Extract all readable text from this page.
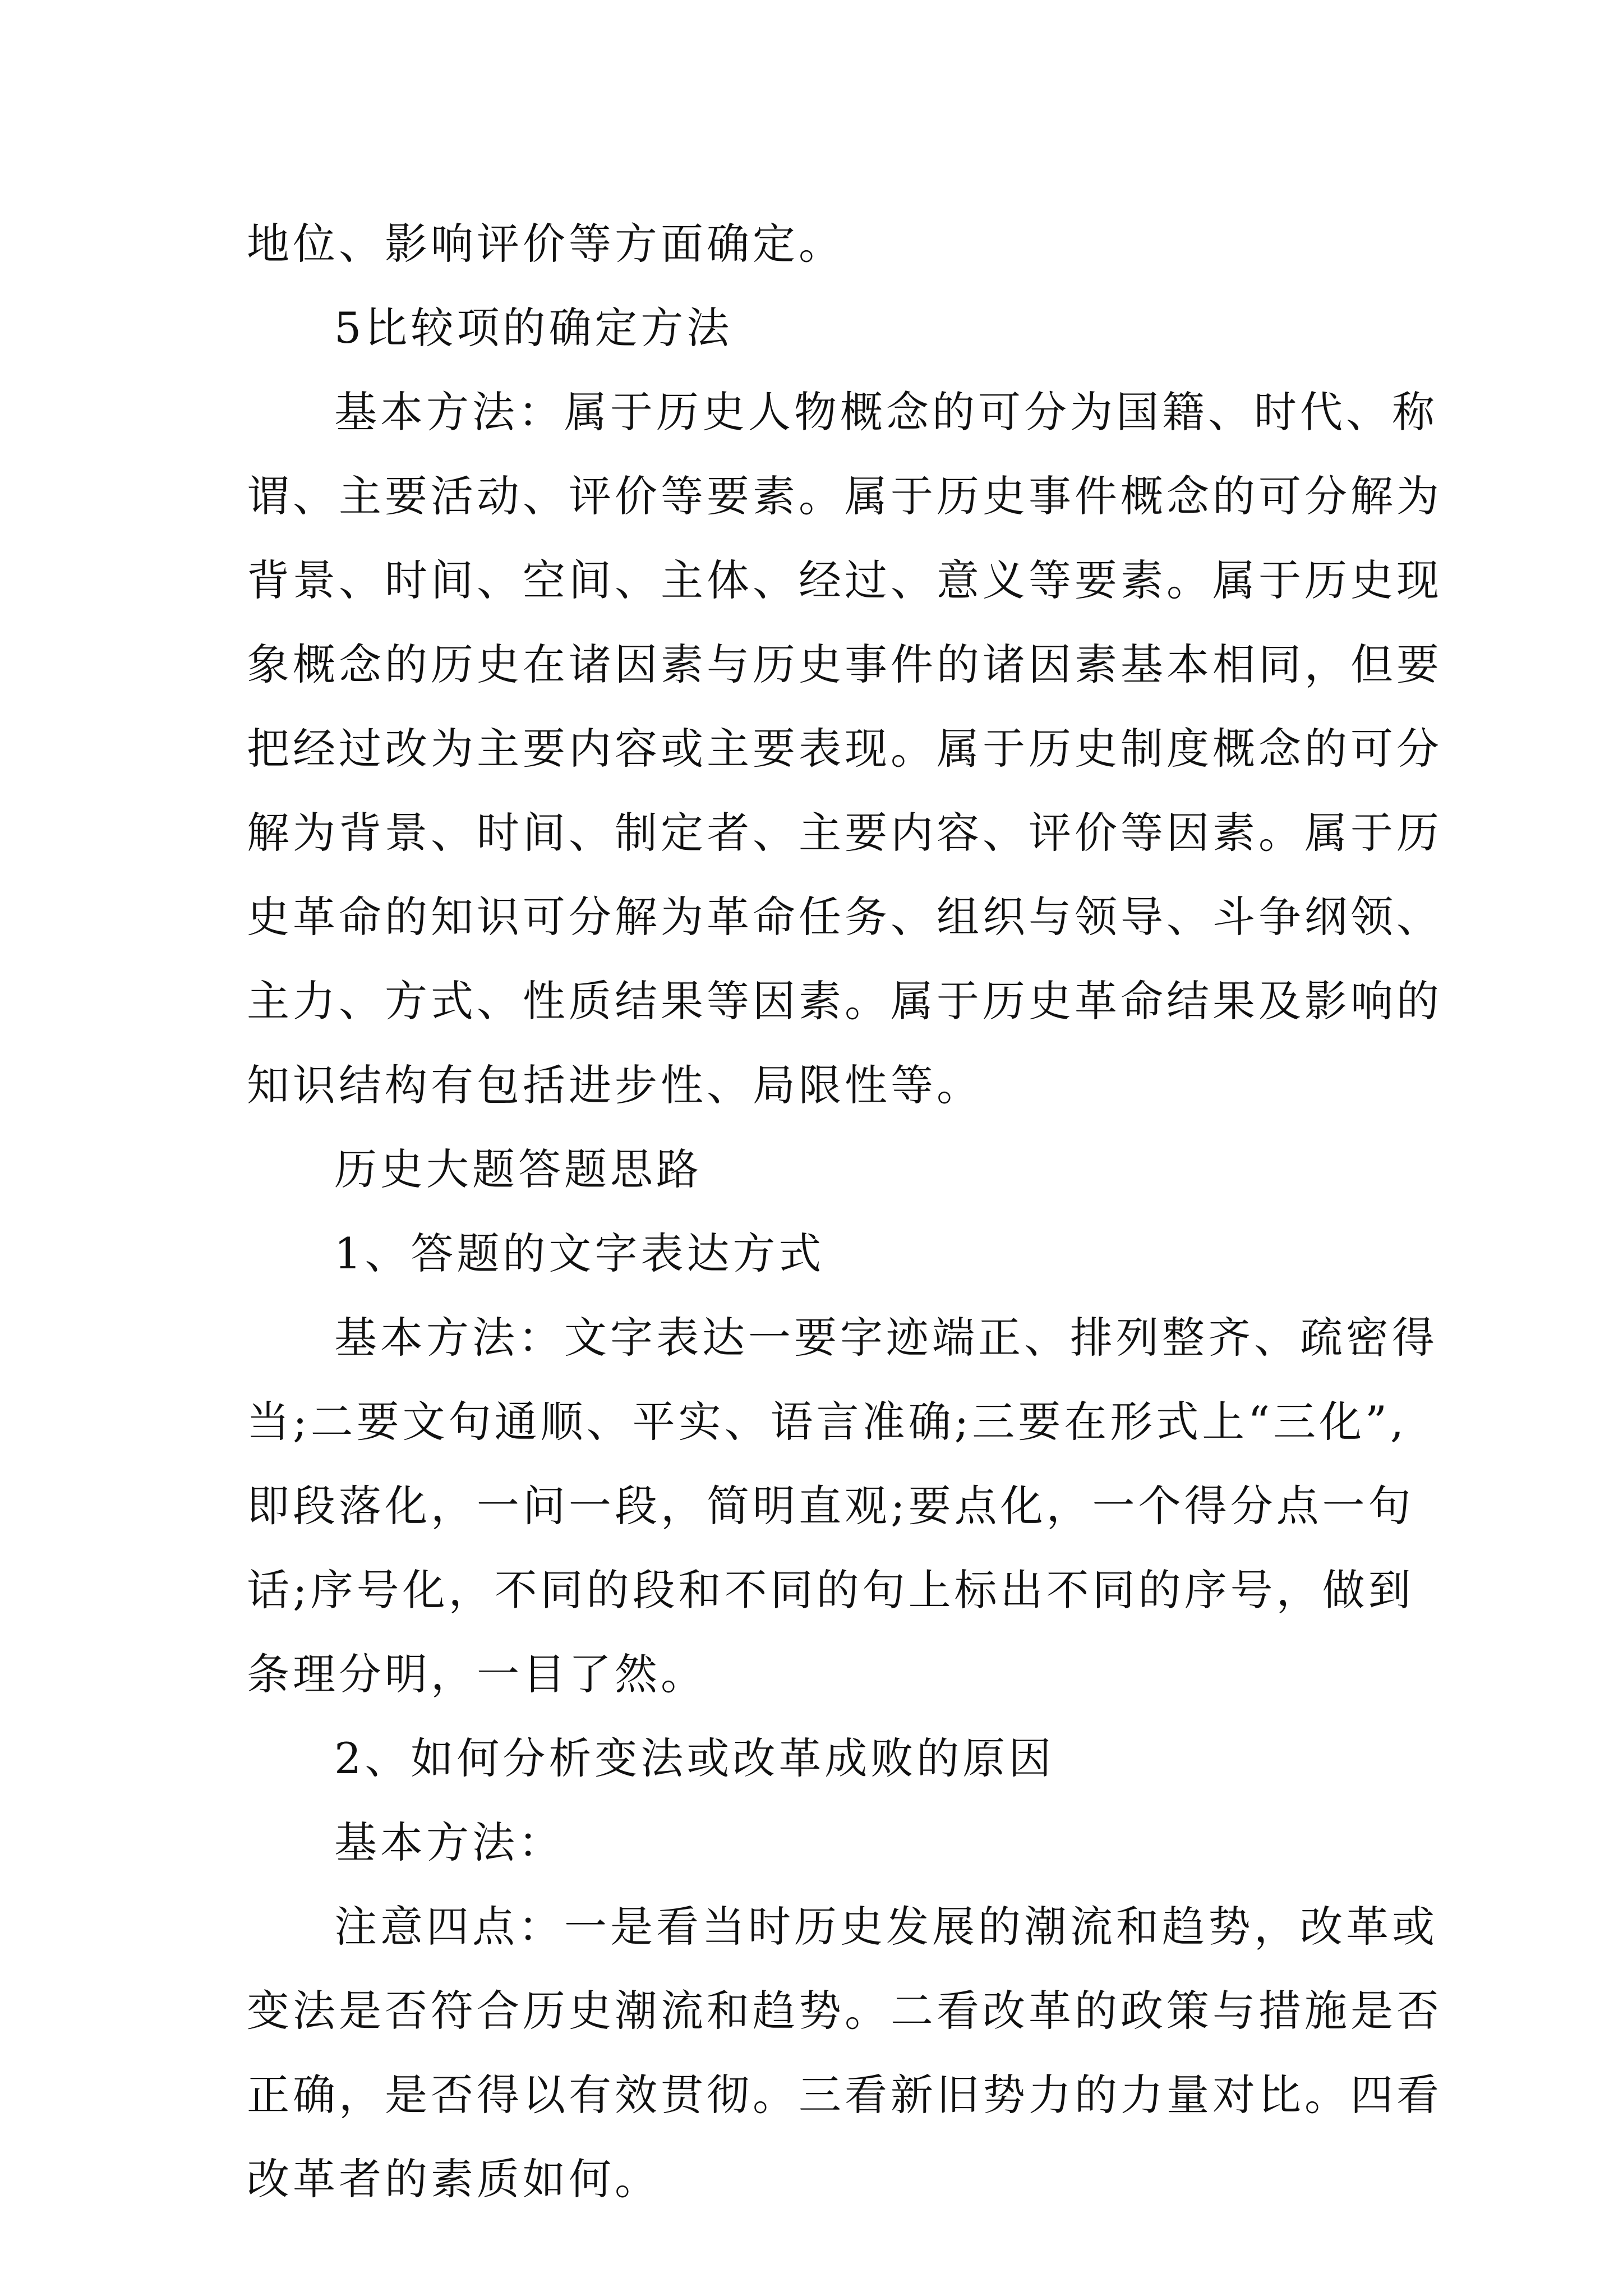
地位、影响评价等方面确定。
5比较项的确定方法
基本方法：属于历史人物概念的可分为国籍、时代、称
谓、主要活动、评价等要素。属于历史事件概念的可分解为
背景、时间、空间、主体、经过、意义等要素。属于历史现
象概念的历史在诸因素与历史事件的诸因素基本相同，但要
把经过改为主要内容或主要表现。属于历史制度概念的可分
解为背景、时间、制定者、主要内容、评价等因素。属于历
史革命的知识可分解为革命任务、组织与领导、斗争纲领、
主力、方式、性质结果等因素。属于历史革命结果及影响的
知识结构有包括进步性、局限性等。
历史大题答题思路
1、答题的文字表达方式
基本方法：文字表达一要字迹端正、排列整齐、疏密得
当;二要文句通顺、平实、语言准确;三要在形式上“三化”,
即段落化，一问一段，简明直观;要点化，一个得分点一句
话;序号化，不同的段和不同的句上标出不同的序号，做到
条理分明，一目了然。
2、如何分析变法或改革成败的原因
基本方法：
注意四点：一是看当时历史发展的潮流和趋势，改革或
变法是否符合历史潮流和趋势。二看改革的政策与措施是否
正确，是否得以有效贯彻。三看新旧势力的力量对比。四看
改革者的素质如何。
